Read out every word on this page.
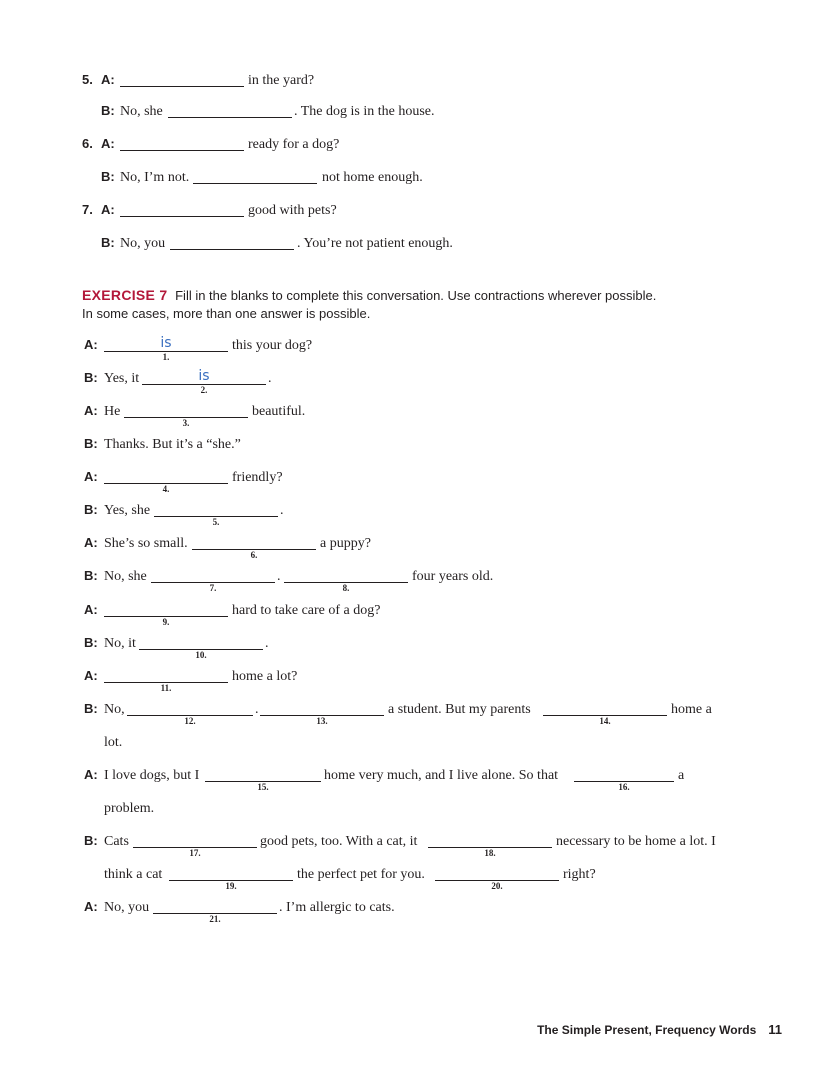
5. A:	in the yard?
B: No, she	. The dog is in the house.
6. A:	ready for a dog?
B: No, I’m not.	not home enough.
7. A:	good with pets?
B: No, you	. You’re not patient enough.
EXERCISE 7 Fill in the blanks to complete this conversation. Use contractions wherever possible.
In some cases, more than one answer is possible.
A:	is
1.
this your dog?
B: Yes, it	is
2.
.
A: He
3.
beautiful.
B: Thanks. But it’s a “she.”
A:
4.
friendly?
B: Yes, she
5.
.
A: She’s so small.
6.
a puppy?
B: No, she
7.
.
8.
four years old.
A:
9.
hard to take care of a dog?
B: No, it
10.
.
A:
11.
home a lot?
B: No,
12.
.
13.
a student. But my parents
14.
home a
lot.
A: I love dogs, but I
15.
home very much, and I live alone. So that
16.
a
problem.
B: Cats
17.
good pets, too. With a cat, it
18.
necessary to be home a lot. I
think a cat
19.
the perfect pet for you.
20.
right?
A: No, you
21.
. I’m allergic to cats.
The Simple Present, Frequency Words 11
